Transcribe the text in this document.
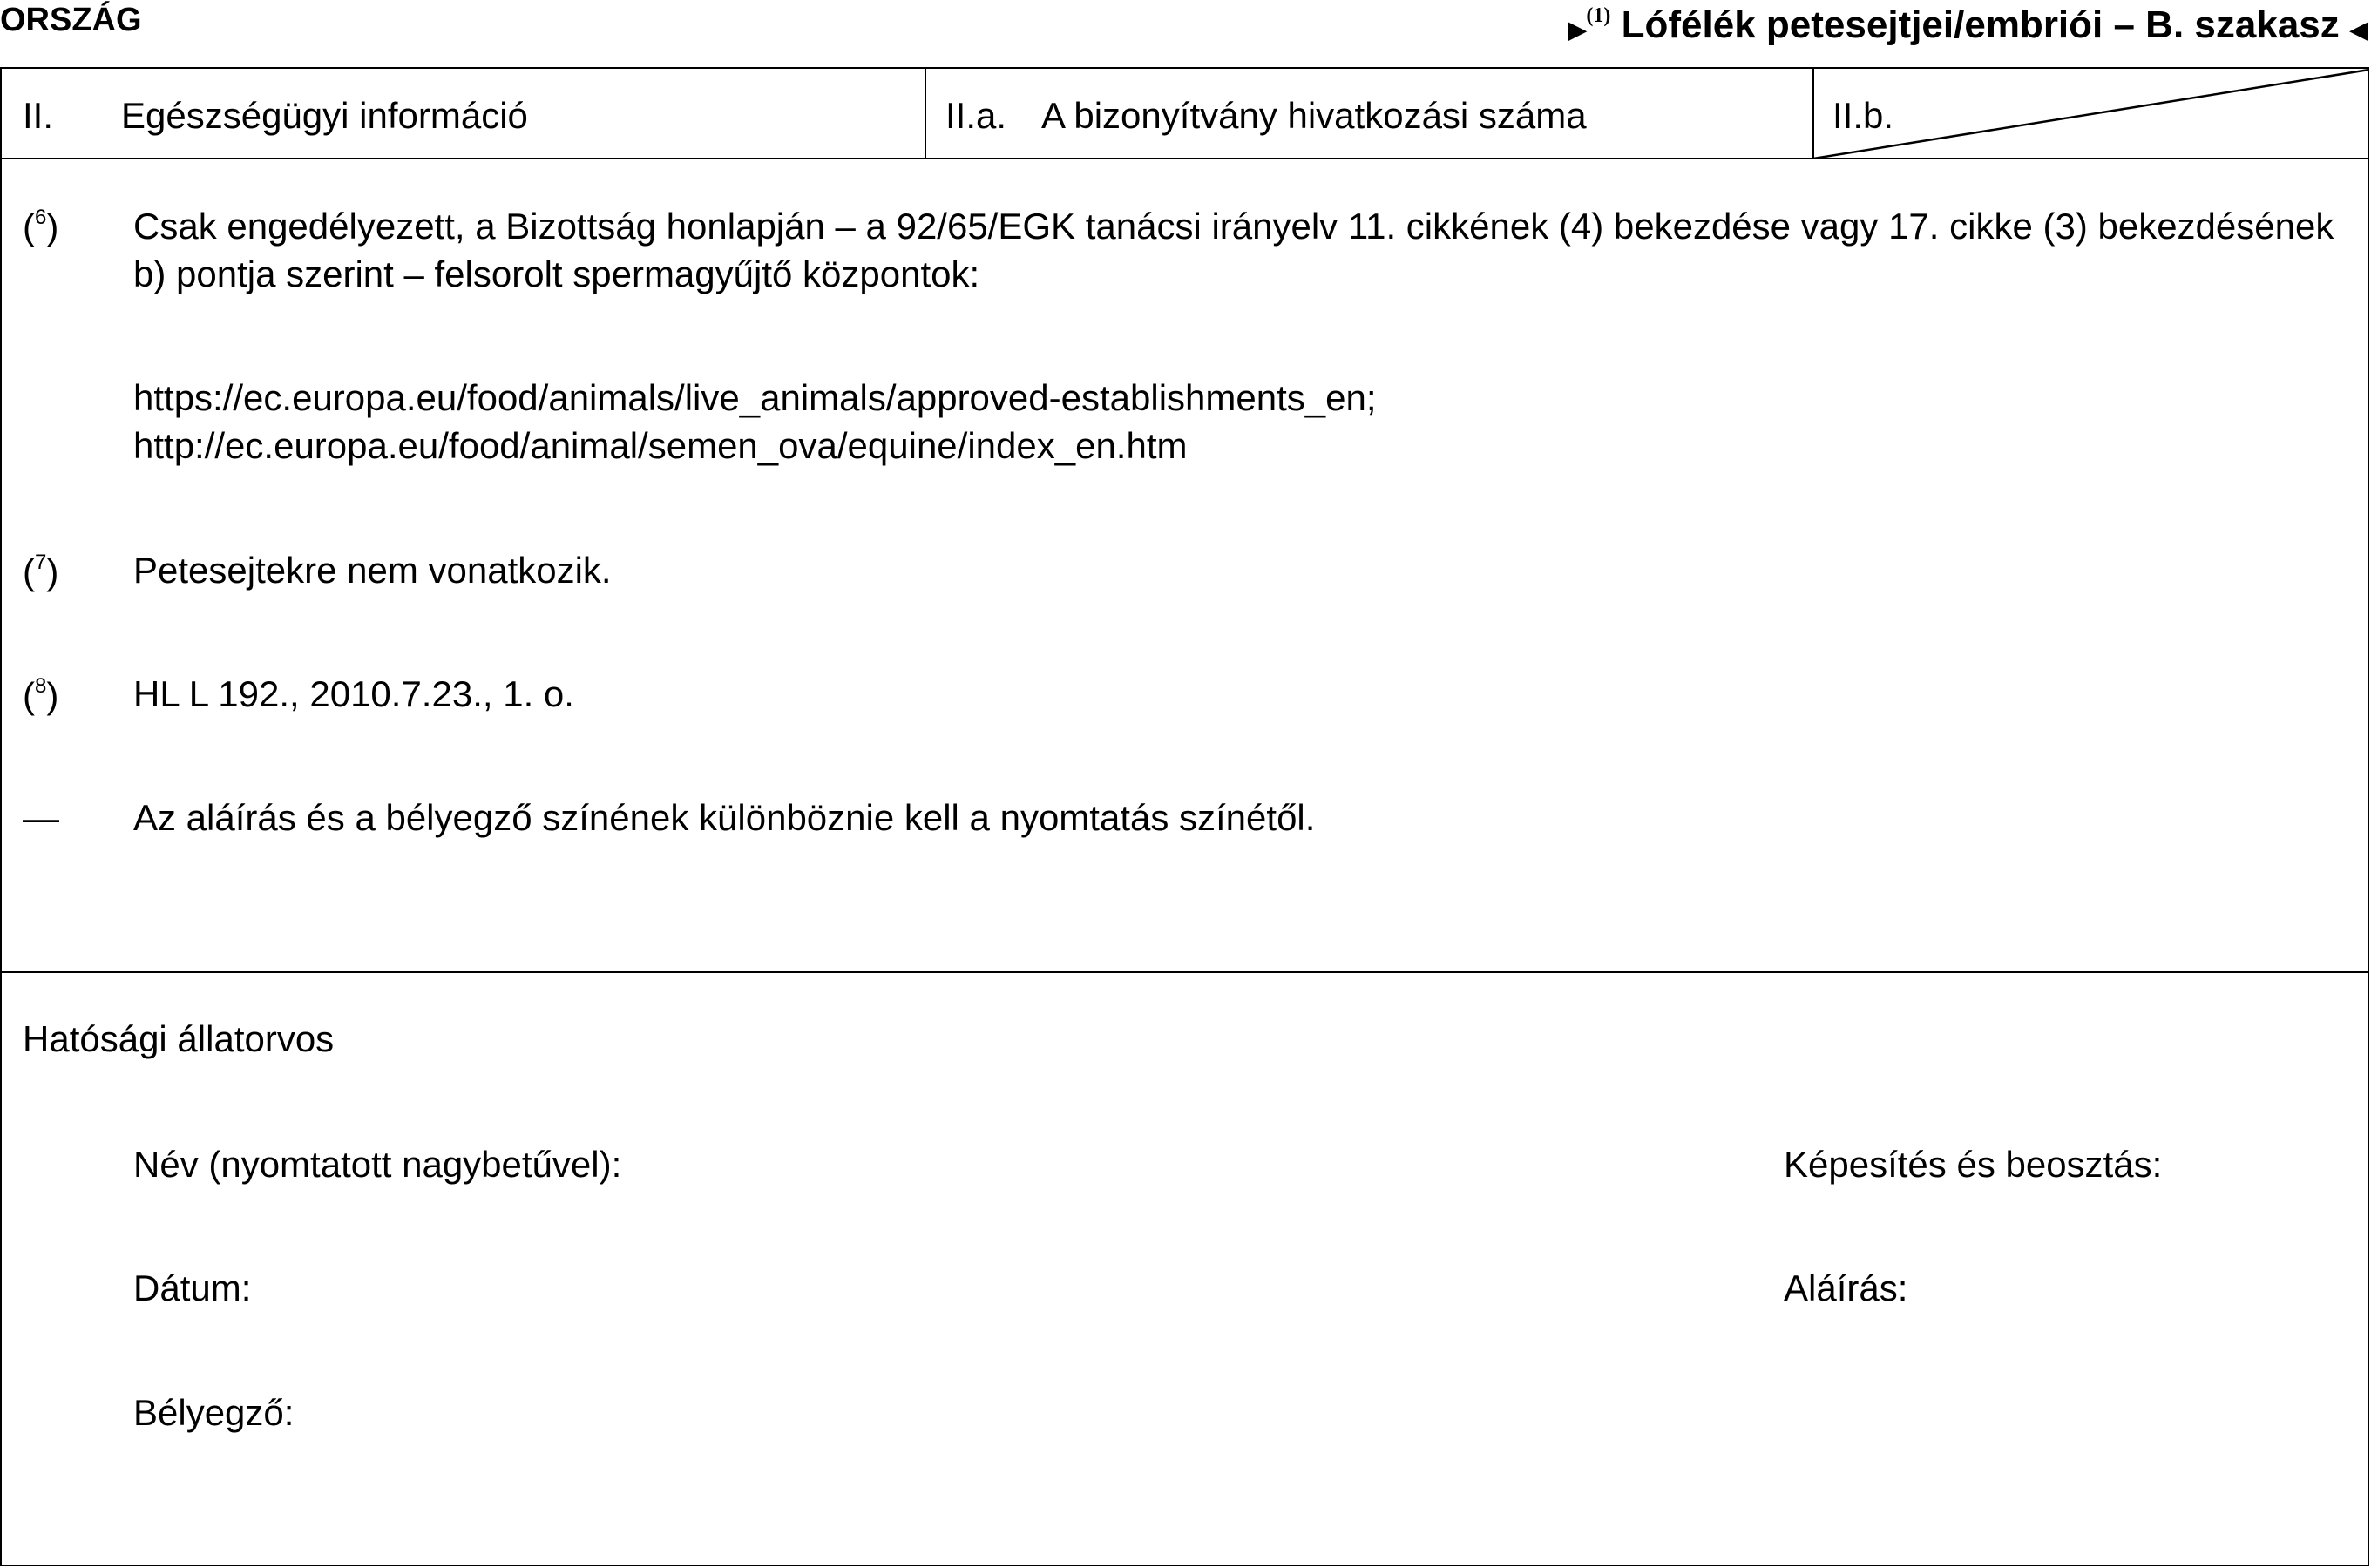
ORSZÁG	▶$^{(1)}$ Lófélék petesejtjei/embriói – B. szakasz ◀
II. Egészségügyi információ	II.a. A bizonyítvány hivatkozási száma	II.b.
($^6$) Csak engedélyezett, a Bizottság honlapján – a 92/65/EGK tanácsi irányelv 11. cikkének (4) bekezdése vagy 17. cikke (3) bekezdésének b) pontja szerint – felsorolt spermagyűjtő központok:
https://ec.europa.eu/food/animals/live_animals/approved-establishments_en;
http://ec.europa.eu/food/animal/semen_ova/equine/index_en.htm
($^7$) Petesejtekre nem vonatkozik.
($^8$) HL L 192., 2010.7.23., 1. o.
— Az aláírás és a bélyegző színének különböznie kell a nyomtatás színétől.
Hatósági állatorvos
Név (nyomtatott nagybetűvel):	Képesítés és beosztás:
Dátum:	Aláírás:
Bélyegző:
